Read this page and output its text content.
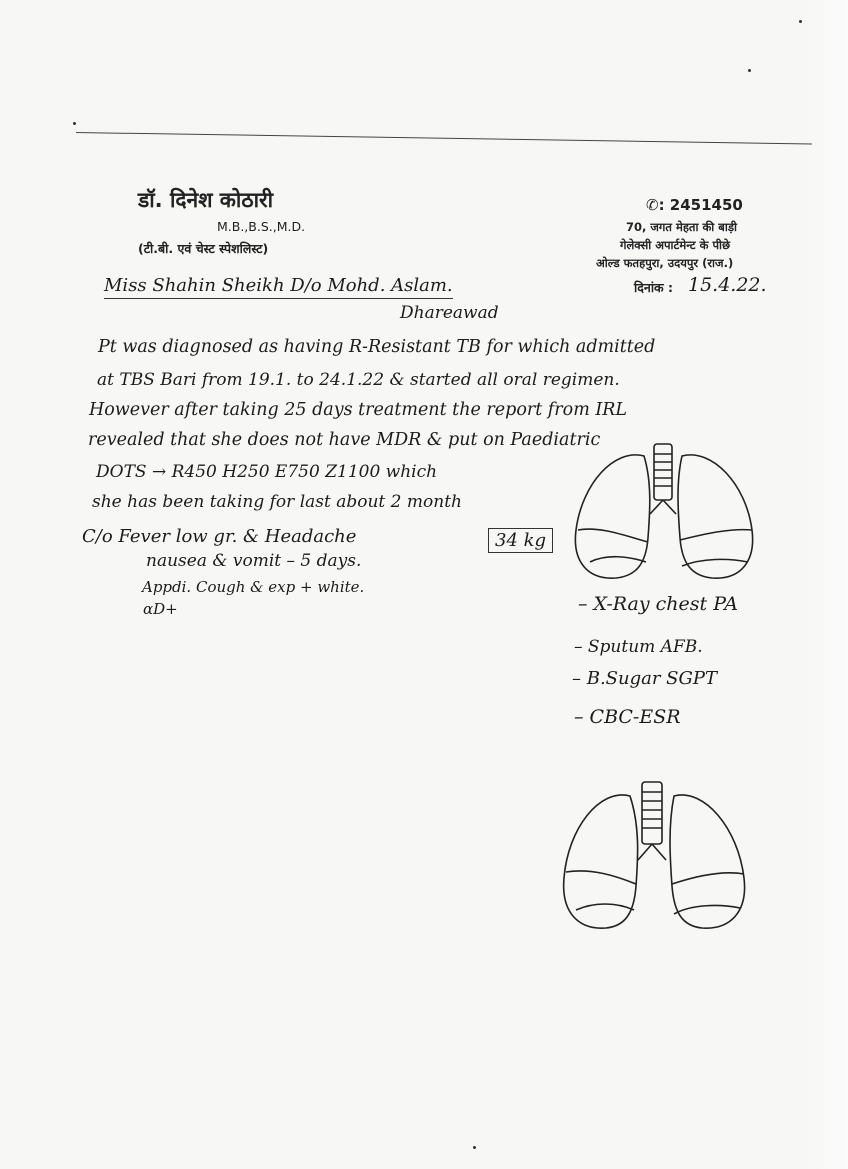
डॉ. दिनेश कोठारी
M.B.,B.S.,M.D.
(टी.बी. एवं चेस्ट स्पेशलिस्ट)
✆: 2451450
70, जगत मेहता की बाड़ी
गेलेक्सी अपार्टमेन्ट के पीछे
ओल्ड फतहपुरा, उदयपुर (राज.)
दिनांक : 15.4.22.
Miss Shahin Sheikh D/o Mohd. Aslam.
Dhareawad
Pt was diagnosed as having R-Resistant TB for which admitted
at TBS Bari from 19.1. to 24.1.22 & started all oral regimen.
However after taking 25 days treatment the report from IRL
revealed that she does not have MDR & put on Paediatric
DOTS → R450 H250 E750 Z1100 which
she has been taking for last about 2 month
C/o Fever low gr. & Headache
nausea & vomit – 5 days.
Appdi. Cough & exp + white.
αD+
34 kg
– X-Ray chest PA
– Sputum AFB.
– B.Sugar SGPT
– CBC-ESR
